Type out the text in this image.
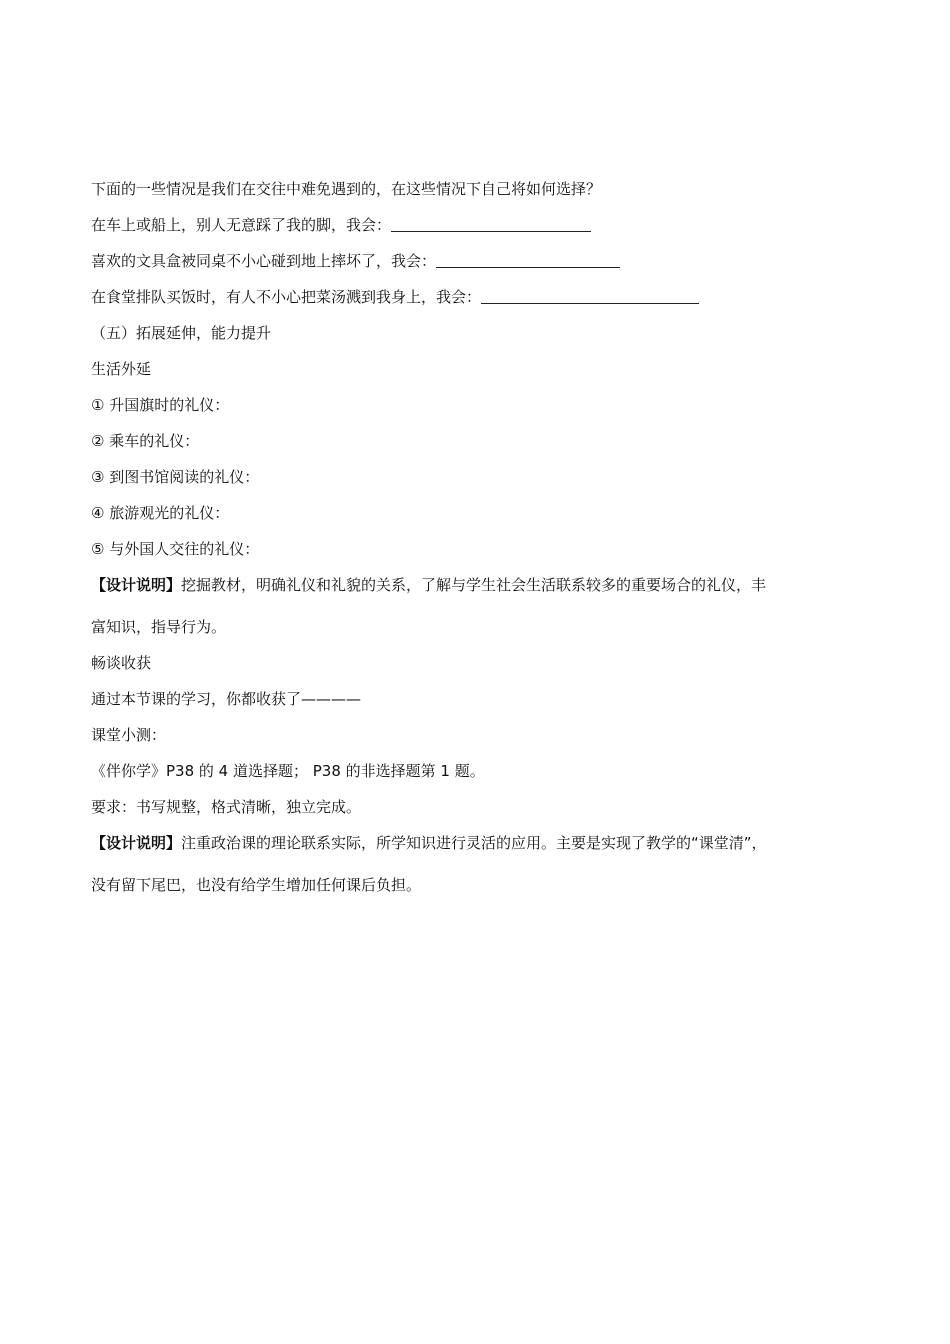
下面的一些情况是我们在交往中难免遇到的，在这些情况下自己将如何选择？

在车上或船上，别人无意踩了我的脚，我会：

喜欢的文具盒被同桌不小心碰到地上摔坏了，我会：

在食堂排队买饭时，有人不小心把菜汤溅到我身上，我会：

（五）拓展延伸，能力提升

生活外延

① 升国旗时的礼仪：

② 乘车的礼仪：

③ 到图书馆阅读的礼仪：

④ 旅游观光的礼仪：

⑤ 与外国人交往的礼仪：

【设计说明】挖掘教材，明确礼仪和礼貌的关系，了解与学生社会生活联系较多的重要场合的礼仪，丰
富知识，指导行为。

畅谈收获

通过本节课的学习，你都收获了————

课堂小测：

《伴你学》P38 的 4 道选择题； P38 的非选择题第 1 题。

要求：书写规整，格式清晰，独立完成。

【设计说明】注重政治课的理论联系实际，所学知识进行灵活的应用。主要是实现了教学的“课堂清”，
没有留下尾巴，也没有给学生增加任何课后负担。
